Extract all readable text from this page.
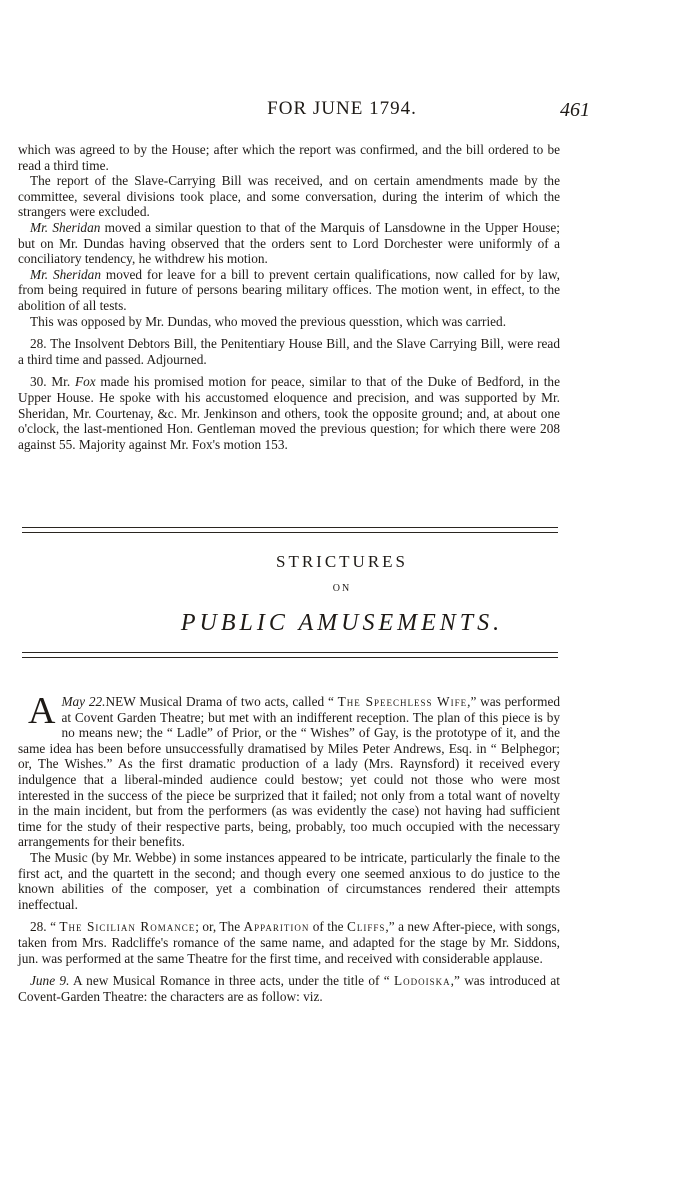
FOR JUNE 1794.	461

which was agreed to by the House; after which the report was confirmed, and the bill ordered to be read a third time.

The report of the Slave-Carrying Bill was received, and on certain amendments made by the committee, several divisions took place, and some conversation, during the interim of which the strangers were excluded.

Mr. Sheridan moved a similar question to that of the Marquis of Lansdowne in the Upper House; but on Mr. Dundas having observed that the orders sent to Lord Dorchester were uniformly of a conciliatory tendency, he withdrew his motion.

Mr. Sheridan moved for leave for a bill to prevent certain qualifications, now called for by law, from being required in future of persons bearing military offices. The motion went, in effect, to the abolition of all tests.

This was opposed by Mr. Dundas, who moved the previous quesstion, which was carried.

28. The Insolvent Debtors Bill, the Penitentiary House Bill, and the Slave Carrying Bill, were read a third time and passed. Adjourned.

30. Mr. Fox made his promised motion for peace, similar to that of the Duke of Bedford, in the Upper House. He spoke with his accustomed eloquence and precision, and was supported by Mr. Sheridan, Mr. Courtenay, &c. Mr. Jenkinson and others, took the opposite ground; and, at about one o'clock, the last-mentioned Hon. Gentleman moved the previous question; for which there were 208 against 55. Majority against Mr. Fox's motion 153.

STRICTURES
ON
PUBLIC AMUSEMENTS.

May 22.
A	NEW Musical Drama of two acts, called “ The Speechless Wife,” was performed at Covent Garden Theatre; but met with an indifferent reception. The plan of this piece is by no means new; the “ Ladle” of Prior, or the “ Wishes” of Gay, is the prototype of it, and the same idea has been before unsuccessfully dramatised by Miles Peter Andrews, Esq. in “ Belphegor; or, The Wishes.” As the first dramatic production of a lady (Mrs. Raynsford) it received every indulgence that a liberal-minded audience could bestow; yet could not those who were most interested in the success of the piece be surprized that it failed; not only from a total want of novelty in the main incident, but from the performers (as was evidently the case) not having had sufficient time for the study of their respective parts, being, probably, too much occupied with the necessary arrangements for their benefits.

The Music (by Mr. Webbe) in some instances appeared to be intricate, particularly the finale to the first act, and the quartett in the second; and though every one seemed anxious to do justice to the known abilities of the composer, yet a combination of circumstances rendered their attempts ineffectual.

28. “ The Sicilian Romance; or, The Apparition of the Cliffs,” a new After-piece, with songs, taken from Mrs. Radcliffe's romance of the same name, and adapted for the stage by Mr. Siddons, jun. was performed at the same Theatre for the first time, and received with considerable applause.

June 9. A new Musical Romance in three acts, under the title of “ Lodoiska,” was introduced at Covent-Garden Theatre: the characters are as follow: viz.
